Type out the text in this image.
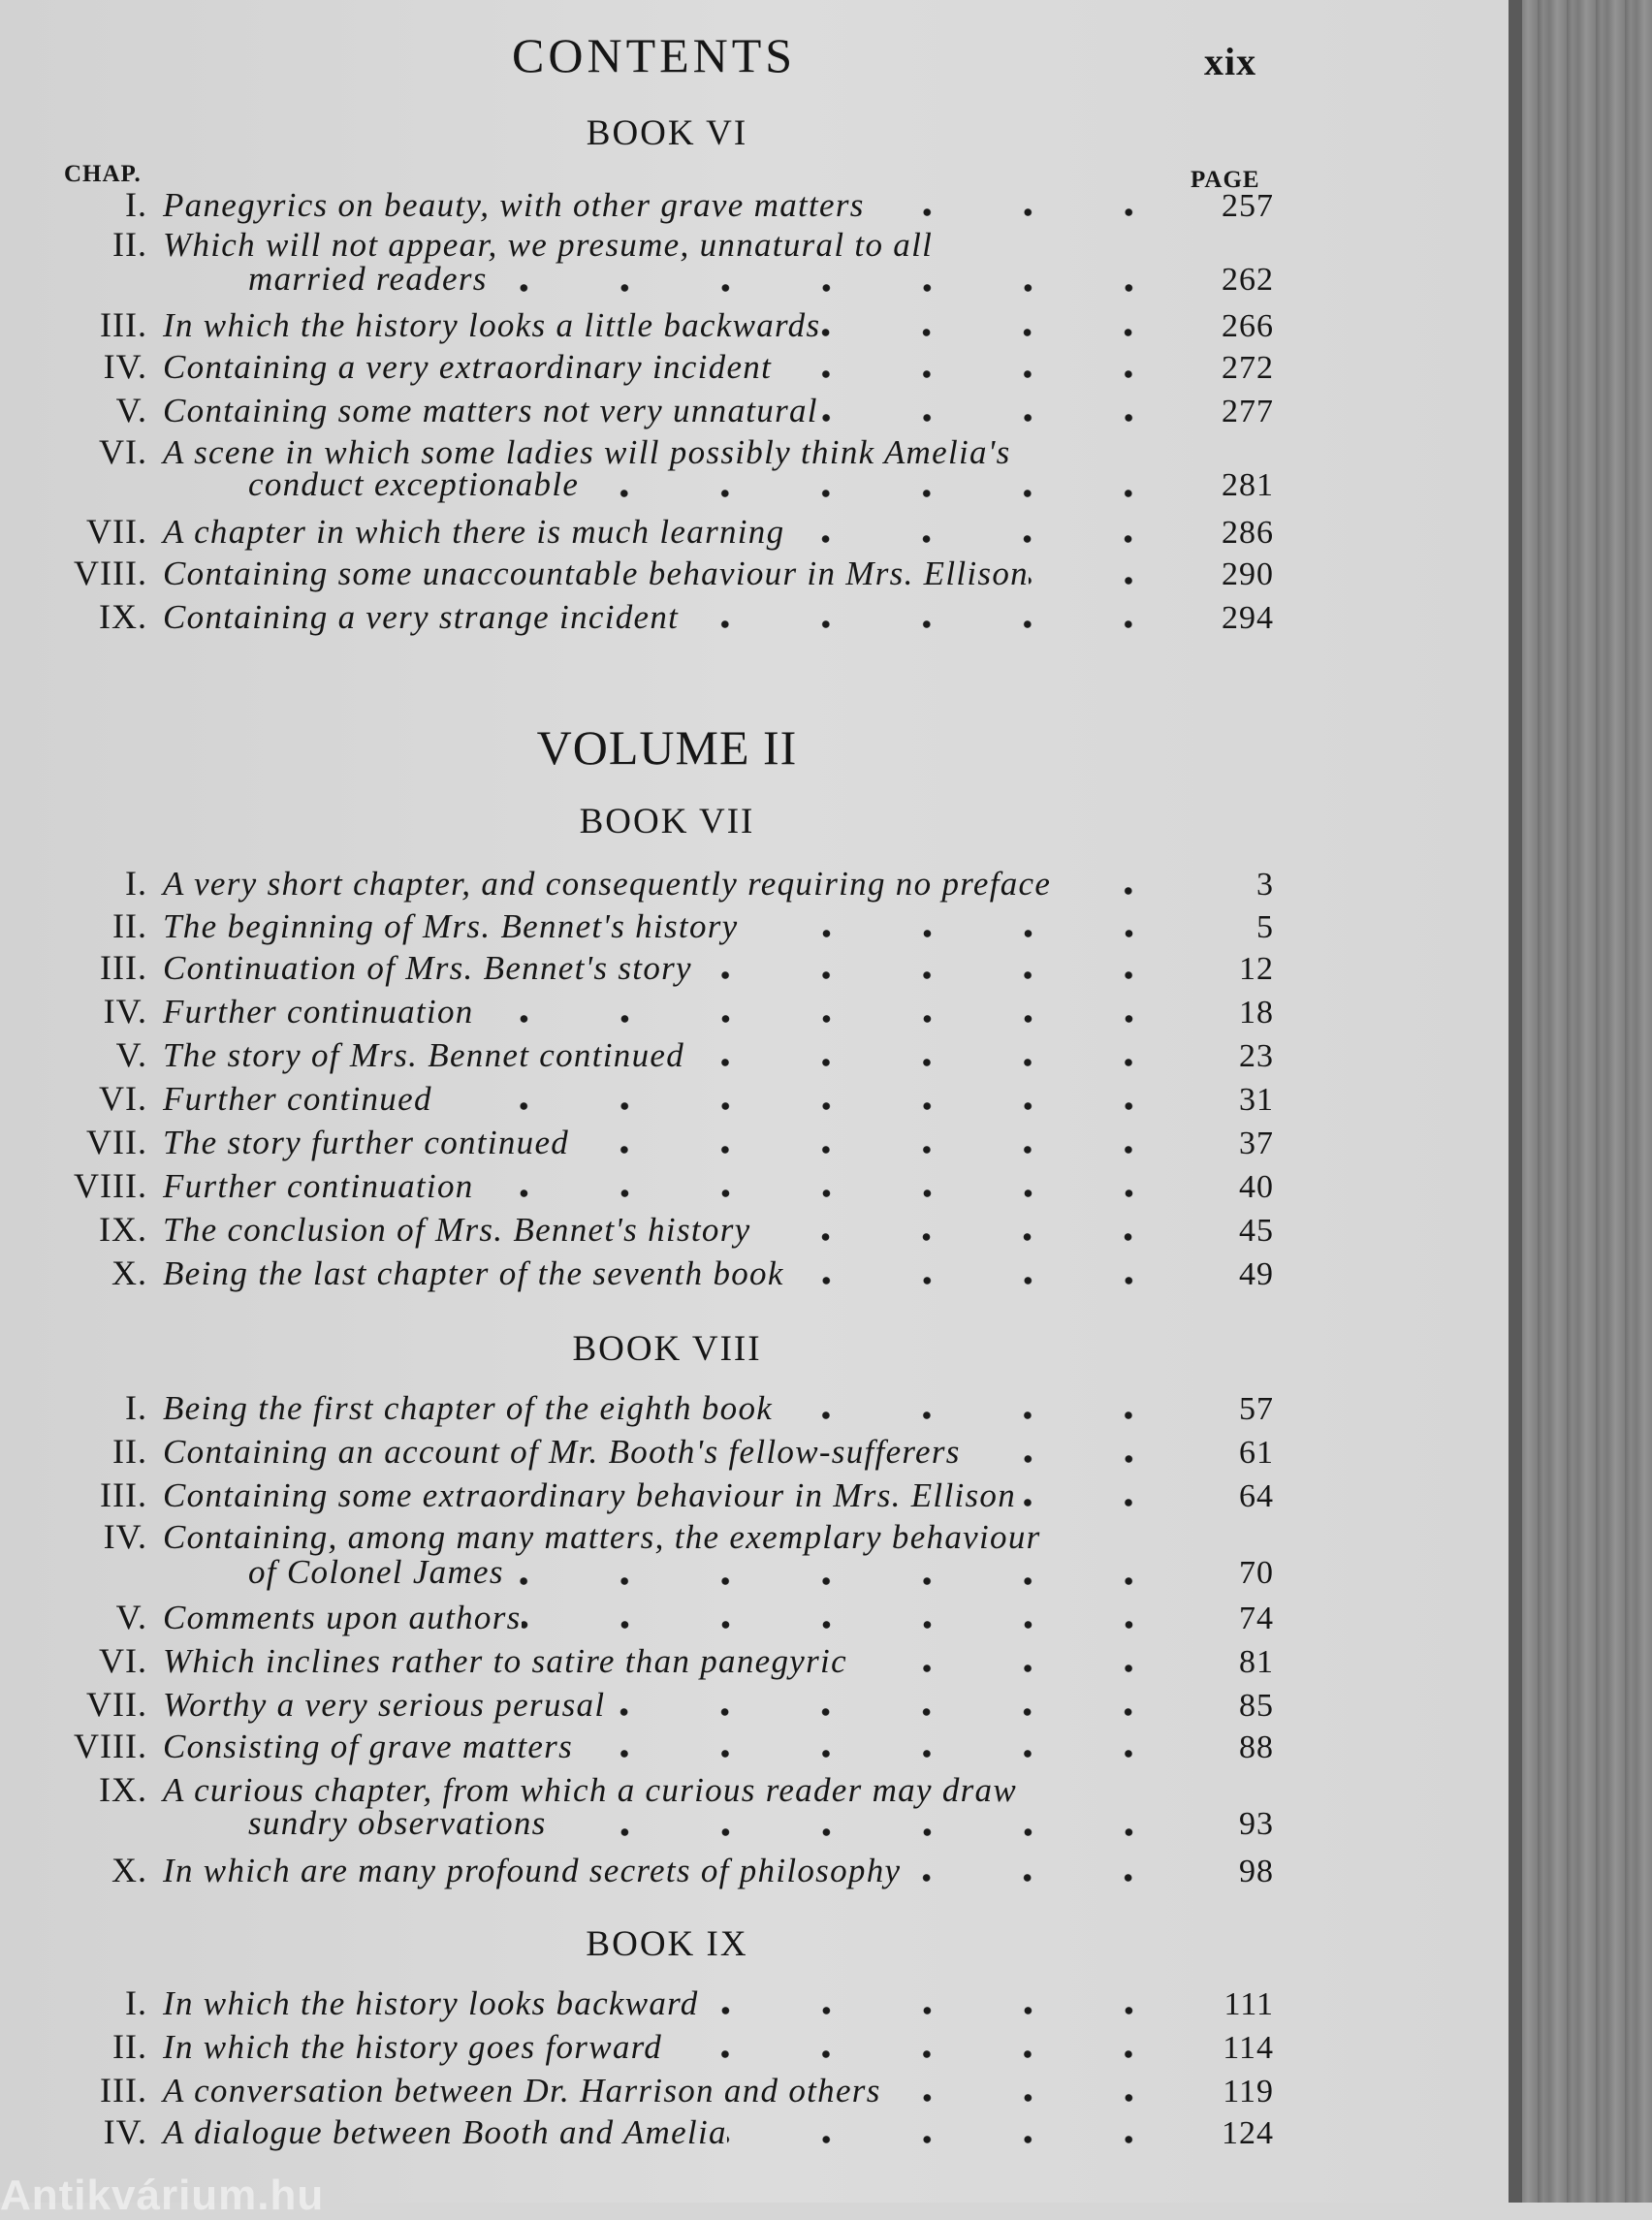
CONTENTS	xix
CHAP.	PAGE
VOLUME II
BOOK VI
I. Panegyrics on beauty, with other grave matters	257
II. Which will not appear, we presume, unnatural to all
married readers	262
III. In which the history looks a little backwards	266
IV. Containing a very extraordinary incident	272
V. Containing some matters not very unnatural	277
VI. A scene in which some ladies will possibly think Amelia's
conduct exceptionable	281
VII. A chapter in which there is much learning	286
VIII. Containing some unaccountable behaviour in Mrs. Ellison	290
IX. Containing a very strange incident	294
BOOK VII
I. A very short chapter, and consequently requiring no preface	3
II. The beginning of Mrs. Bennet's history	5
III. Continuation of Mrs. Bennet's story	12
IV. Further continuation	18
V. The story of Mrs. Bennet continued	23
VI. Further continued	31
VII. The story further continued	37
VIII. Further continuation	40
IX. The conclusion of Mrs. Bennet's history	45
X. Being the last chapter of the seventh book	49
BOOK VIII
I. Being the first chapter of the eighth book	57
II. Containing an account of Mr. Booth's fellow-sufferers	61
III. Containing some extraordinary behaviour in Mrs. Ellison	64
IV. Containing, among many matters, the exemplary behaviour
of Colonel James	70
V. Comments upon authors	74
VI. Which inclines rather to satire than panegyric	81
VII. Worthy a very serious perusal	85
VIII. Consisting of grave matters	88
IX. A curious chapter, from which a curious reader may draw
sundry observations	93
X. In which are many profound secrets of philosophy	98
BOOK IX
I. In which the history looks backward	111
II. In which the history goes forward	114
III. A conversation between Dr. Harrison and others	119
IV. A dialogue between Booth and Amelia	124
Antikvárium.hu
